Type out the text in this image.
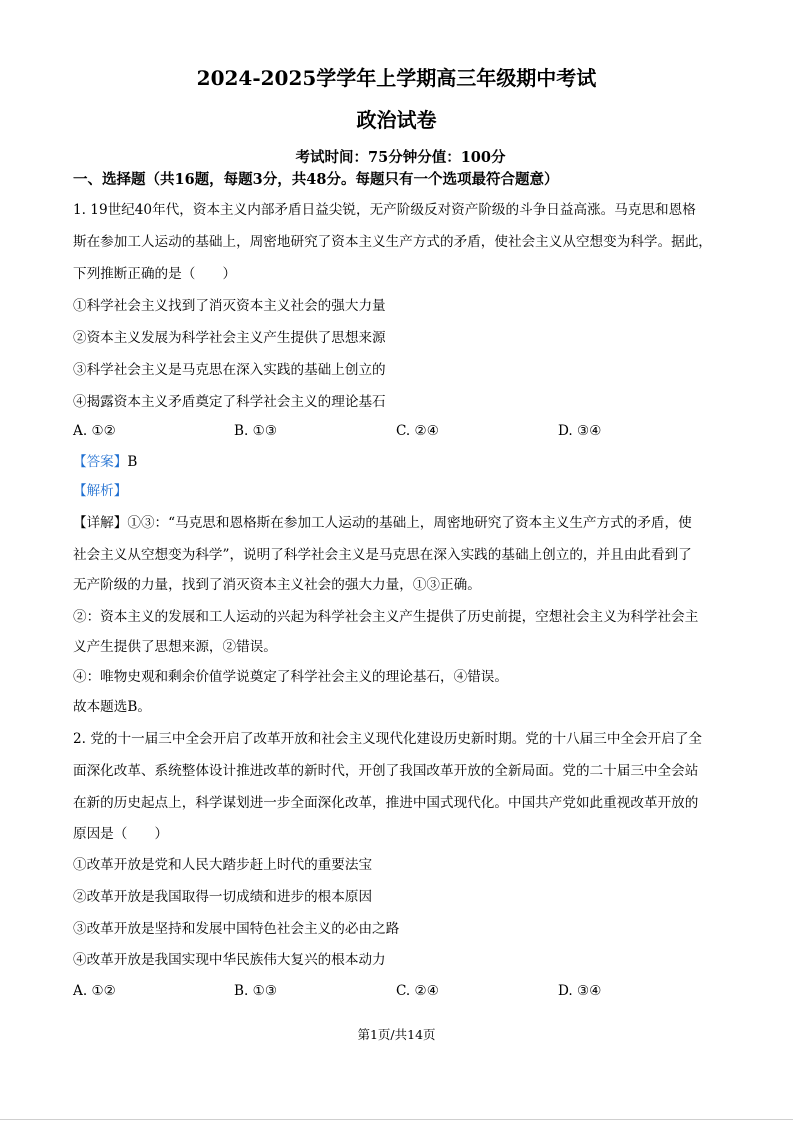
2024-2025学学年上学期高三年级期中考试
政治试卷
考试时间：75分钟分值：100分
一、选择题（共16题，每题3分，共48分。每题只有一个选项最符合题意）
1. 19世纪40年代，资本主义内部矛盾日益尖锐，无产阶级反对资产阶级的斗争日益高涨。马克思和恩格
斯在参加工人运动的基础上，周密地研究了资本主义生产方式的矛盾，使社会主义从空想变为科学。据此，
下列推断正确的是（　　）
①科学社会主义找到了消灭资本主义社会的强大力量
②资本主义发展为科学社会主义产生提供了思想来源
③科学社会主义是马克思在深入实践的基础上创立的
④揭露资本主义矛盾奠定了科学社会主义的理论基石
A. ①②	B. ①③	C. ②④	D. ③④
【答案】B
【解析】
【详解】①③：“马克思和恩格斯在参加工人运动的基础上，周密地研究了资本主义生产方式的矛盾，使
社会主义从空想变为科学”，说明了科学社会主义是马克思在深入实践的基础上创立的，并且由此看到了
无产阶级的力量，找到了消灭资本主义社会的强大力量，①③正确。
②：资本主义的发展和工人运动的兴起为科学社会主义产生提供了历史前提，空想社会主义为科学社会主
义产生提供了思想来源，②错误。
④：唯物史观和剩余价值学说奠定了科学社会主义的理论基石，④错误。
故本题选B。
2. 党的十一届三中全会开启了改革开放和社会主义现代化建设历史新时期。党的十八届三中全会开启了全
面深化改革、系统整体设计推进改革的新时代，开创了我国改革开放的全新局面。党的二十届三中全会站
在新的历史起点上，科学谋划进一步全面深化改革，推进中国式现代化。中国共产党如此重视改革开放的
原因是（　　）
①改革开放是党和人民大踏步赶上时代的重要法宝
②改革开放是我国取得一切成绩和进步的根本原因
③改革开放是坚持和发展中国特色社会主义的必由之路
④改革开放是我国实现中华民族伟大复兴的根本动力
A. ①②	B. ①③	C. ②④	D. ③④
第1页/共14页
